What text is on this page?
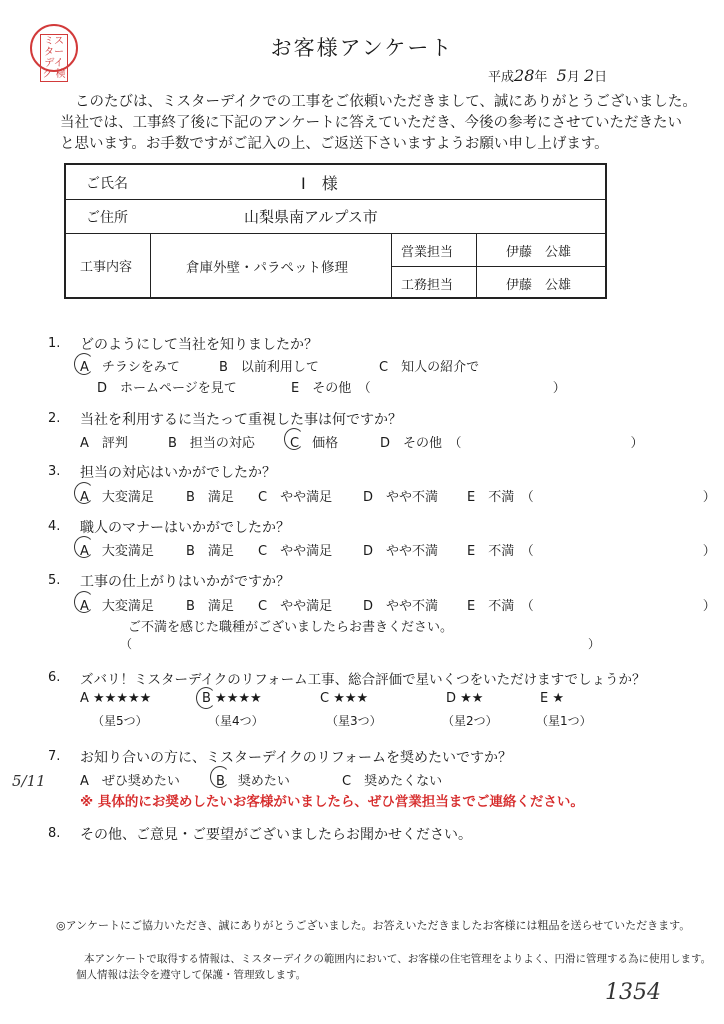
ミスター デイク 検
お客様アンケート
平成28年 5月 2日
このたびは、ミスターデイクでの工事をご依頼いただきまして、誠にありがとうございました。
当社では、工事終了後に下記のアンケートに答えていただき、今後の参考にさせていただきたい
と思います。お手数ですがご記入の上、ご返送下さいますようお願い申し上げます。
ご氏名	I　様
ご住所	山梨県南アルプス市
工事内容	倉庫外壁・パラペット修理
営業担当	伊藤　公雄
工務担当	伊藤　公雄
1. どのようにして当社を知りましたか？
A　チラシをみて	B　以前利用して	C　知人の紹介で
D　ホームページを見て	E　その他　（　　　　　　　　　　　　　　）
2. 当社を利用するに当たって重視した事は何ですか？
A　評判	B　担当の対応	C　価格	D　その他　（　　　　　　　　　　　　　）
3. 担当の対応はいかがでしたか？
A　大変満足 B　満足 C　やや満足 D　やや不満 E　不満　（　　　　　　　　　　　　　）
4. 職人のマナーはいかがでしたか？
A　大変満足 B　満足 C　やや満足 D　やや不満 E　不満　（　　　　　　　　　　　　　）
5. 工事の仕上がりはいかがですか？
A　大変満足 B　満足 C　やや満足 D　やや不満 E　不満　（　　　　　　　　　　　　　）
ご不満を感じた職種がございましたらお書きください。
（　　　　　　　　　　　　　　　　　　　　　　　　　　　　　　　　　　　　　　）
6. ズバリ！ミスターデイクのリフォーム工事、総合評価で星いくつをいただけますでしょうか？
A ★★★★★	B ★★★★	C ★★★	D ★★	E ★
（星5つ）	（星4つ）	（星3つ）	（星2つ）	（星1つ）
7. お知り合いの方に、ミスターデイクのリフォームを奨めたいですか？
A　ぜひ奨めたい	B　奨めたい	C　奨めたくない
※ 具体的にお奨めしたいお客様がいましたら、ぜひ営業担当までご連絡ください。
8. その他、ご意見・ご要望がございましたらお聞かせください。
◎アンケートにご協力いただき、誠にありがとうございました。お答えいただきましたお客様には粗品を送らせていただきます。
本アンケートで取得する情報は、ミスターデイクの範囲内において、お客様の住宅管理をよりよく、円滑に管理する為に使用します。
個人情報は法令を遵守して保護・管理致します。
5/11
1354
